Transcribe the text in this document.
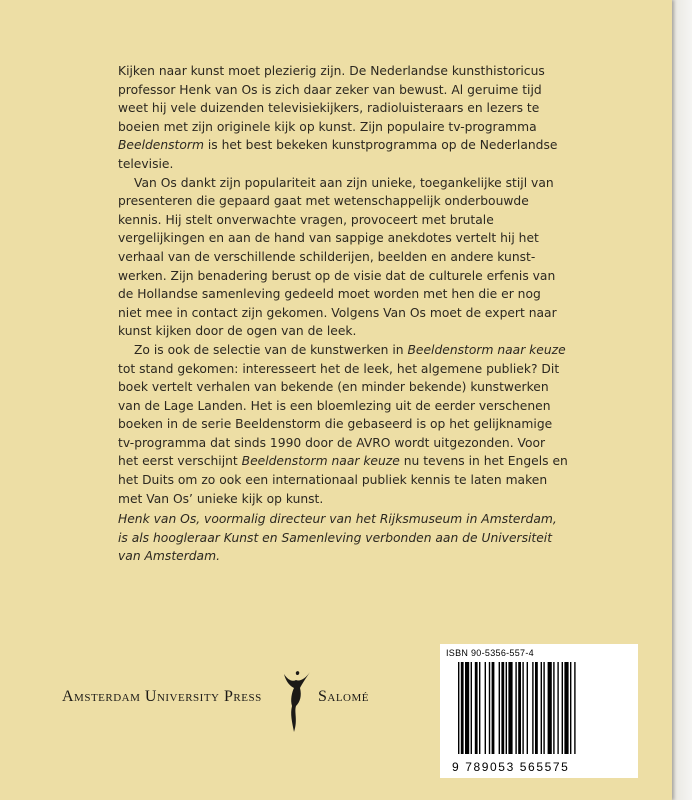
Kijken naar kunst moet plezierig zijn. De Nederlandse kunsthistoricus professor Henk van Os is zich daar zeker van bewust. Al geruime tijd weet hij vele duizenden televisiekijkers, radioluisteraars en lezers te boeien met zijn originele kijk op kunst. Zijn populaire tv-programma Beeldenstorm is het best bekeken kunstprogramma op de Nederlandse televisie.

Van Os dankt zijn populariteit aan zijn unieke, toegankelijke stijl van presenteren die gepaard gaat met wetenschappelijk onderbouwde kennis. Hij stelt onverwachte vragen, provoceert met brutale vergelijkingen en aan de hand van sappige anekdotes vertelt hij het verhaal van de verschillende schilderijen, beelden en andere kunstwerken. Zijn benadering berust op de visie dat de culturele erfenis van de Hollandse samenleving gedeeld moet worden met hen die er nog niet mee in contact zijn gekomen. Volgens Van Os moet de expert naar kunst kijken door de ogen van de leek.

Zo is ook de selectie van de kunstwerken in Beeldenstorm naar keuze tot stand gekomen: interesseert het de leek, het algemene publiek? Dit boek vertelt verhalen van bekende (en minder bekende) kunstwerken van de Lage Landen. Het is een bloemlezing uit de eerder verschenen boeken in de serie Beeldenstorm die gebaseerd is op het gelijknamige tv-programma dat sinds 1990 door de AVRO wordt uitgezonden. Voor het eerst verschijnt Beeldenstorm naar keuze nu tevens in het Engels en het Duits om zo ook een internationaal publiek kennis te laten maken met Van Os’ unieke kijk op kunst.

Henk van Os, voormalig directeur van het Rijksmuseum in Amsterdam, is als hoogleraar Kunst en Samenleving verbonden aan de Universiteit van Amsterdam.

Amsterdam University Press	Salomé
ISBN 90-5356-557-4
9 789053 565575
